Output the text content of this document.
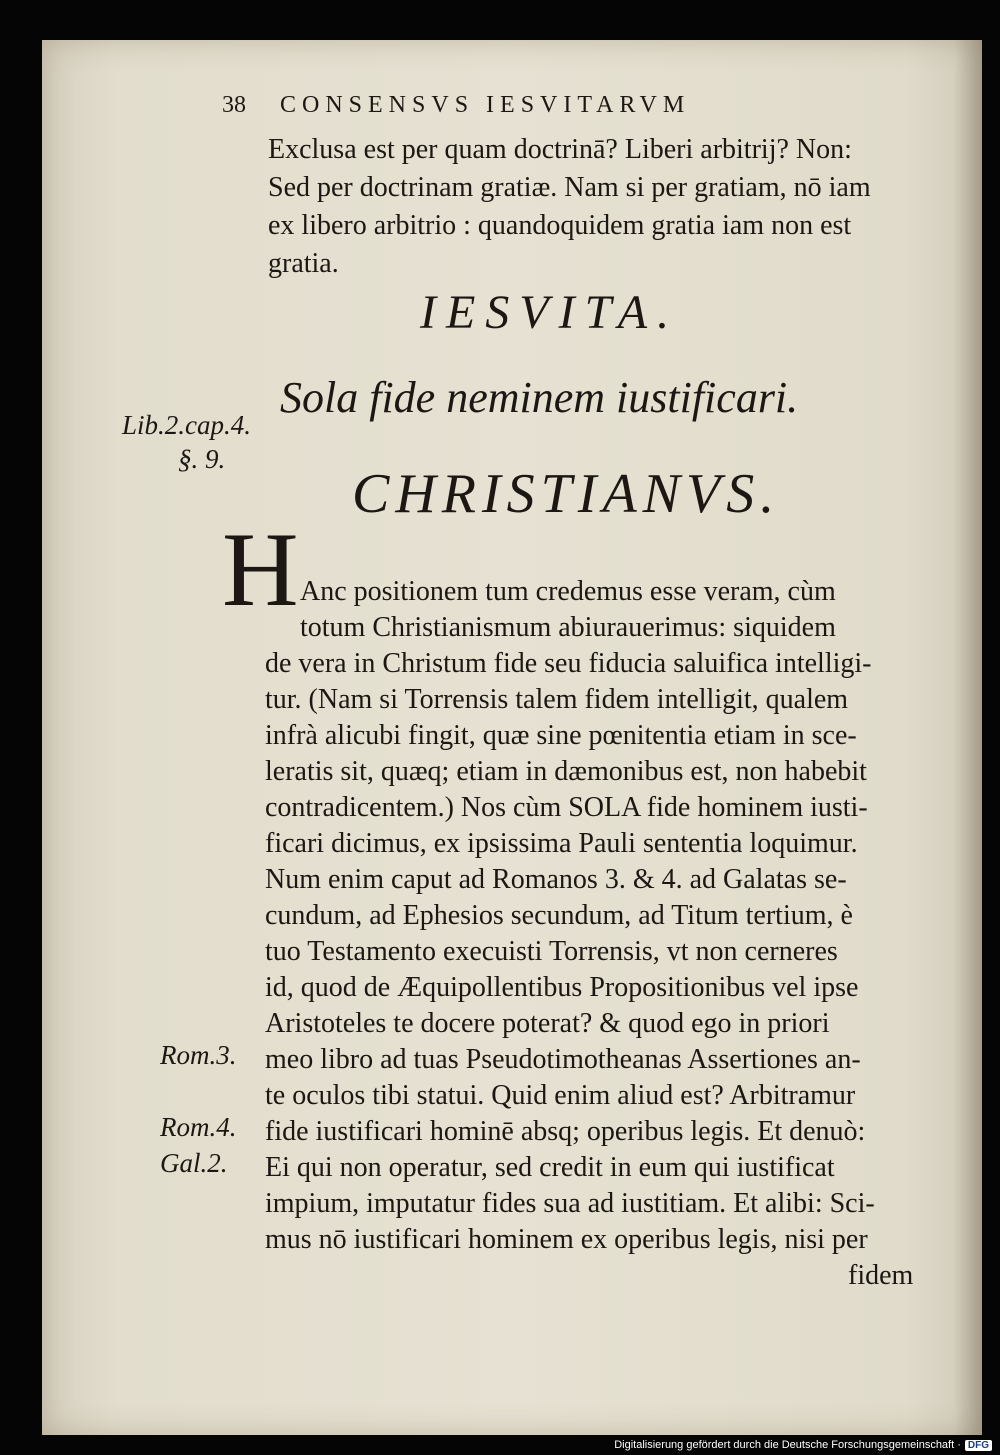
38 CONSENSVS IESVITARVM
Exclusa est per quam doctrinā? Liberi arbitrij? Non:
Sed per doctrinam gratiæ. Nam si per gratiam, nō iam
ex libero arbitrio : quandoquidem gratia iam non est
gratia.
IESVITA.
Sola fide neminem iustificari.
CHRISTIANVS.
Lib.2.cap.4.
§. 9.
Rom.3.
Rom.4.
Gal.2.
H Anc positionem tum credemus esse veram, cùm
totum Christianismum abiurauerimus: siquidem
de vera in Christum fide seu fiducia saluifica intelligi-
tur. (Nam si Torrensis talem fidem intelligit, qualem
infrà alicubi fingit, quæ sine pœnitentia etiam in sce-
leratis sit, quæq; etiam in dæmonibus est, non habebit
contradicentem.) Nos cùm SOLA fide hominem iusti-
ficari dicimus, ex ipsissima Pauli sententia loquimur.
Num enim caput ad Romanos 3. & 4. ad Galatas se-
cundum, ad Ephesios secundum, ad Titum tertium, è
tuo Testamento execuisti Torrensis, vt non cerneres
id, quod de Æquipollentibus Propositionibus vel ipse
Aristoteles te docere poterat? & quod ego in priori
meo libro ad tuas Pseudotimotheanas Assertiones an-
te oculos tibi statui. Quid enim aliud est? Arbitramur
fide iustificari hominē absq; operibus legis. Et denuò:
Ei qui non operatur, sed credit in eum qui iustificat
impium, imputatur fides sua ad iustitiam. Et alibi: Sci-
mus nō iustificari hominem ex operibus legis, nisi per
fidem
Digitalisierung gefördert durch die Deutsche Forschungsgemeinschaft · DFG
